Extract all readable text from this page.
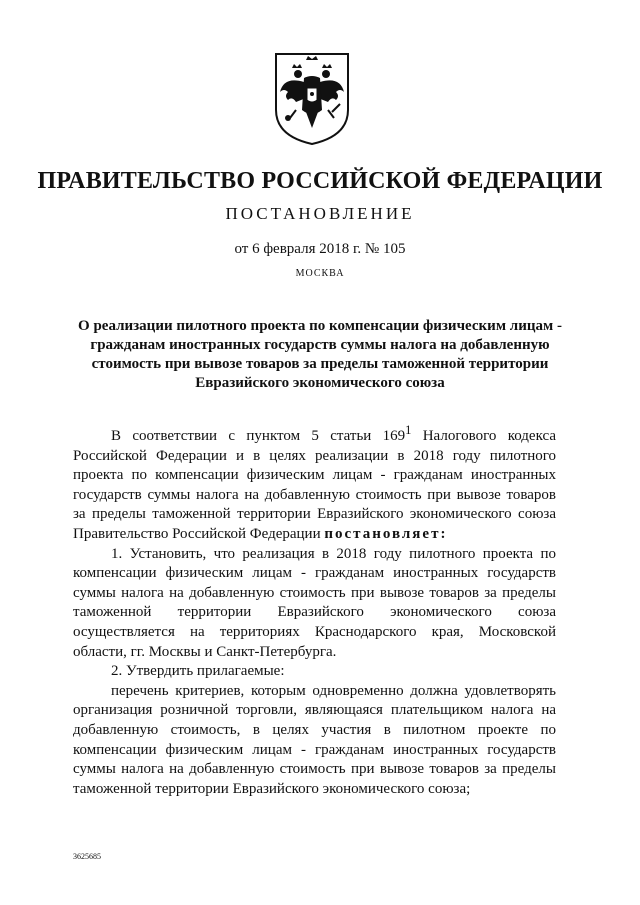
ПРАВИТЕЛЬСТВО РОССИЙСКОЙ ФЕДЕРАЦИИ
ПОСТАНОВЛЕНИЕ
от 6 февраля 2018 г. № 105
МОСКВА
О реализации пилотного проекта по компенсации физическим лицам - гражданам иностранных государств суммы налога на добавленную стоимость при вывозе товаров за пределы таможенной территории Евразийского экономического союза

В соответствии с пунктом 5 статьи $169^1$ Налогового кодекса Российской Федерации и в целях реализации в 2018 году пилотного проекта по компенсации физическим лицам - гражданам иностранных государств суммы налога на добавленную стоимость при вывозе товаров за пределы таможенной территории Евразийского экономического союза Правительство Российской Федерации постановляет:

1. Установить, что реализация в 2018 году пилотного проекта по компенсации физическим лицам - гражданам иностранных государств суммы налога на добавленную стоимость при вывозе товаров за пределы таможенной территории Евразийского экономического союза осуществляется на территориях Краснодарского края, Московской области, гг. Москвы и Санкт-Петербурга.

2. Утвердить прилагаемые:

перечень критериев, которым одновременно должна удовлетворять организация розничной торговли, являющаяся плательщиком налога на добавленную стоимость, в целях участия в пилотном проекте по компенсации физическим лицам - гражданам иностранных государств суммы налога на добавленную стоимость при вывозе товаров за пределы таможенной территории Евразийского экономического союза;

3625685
